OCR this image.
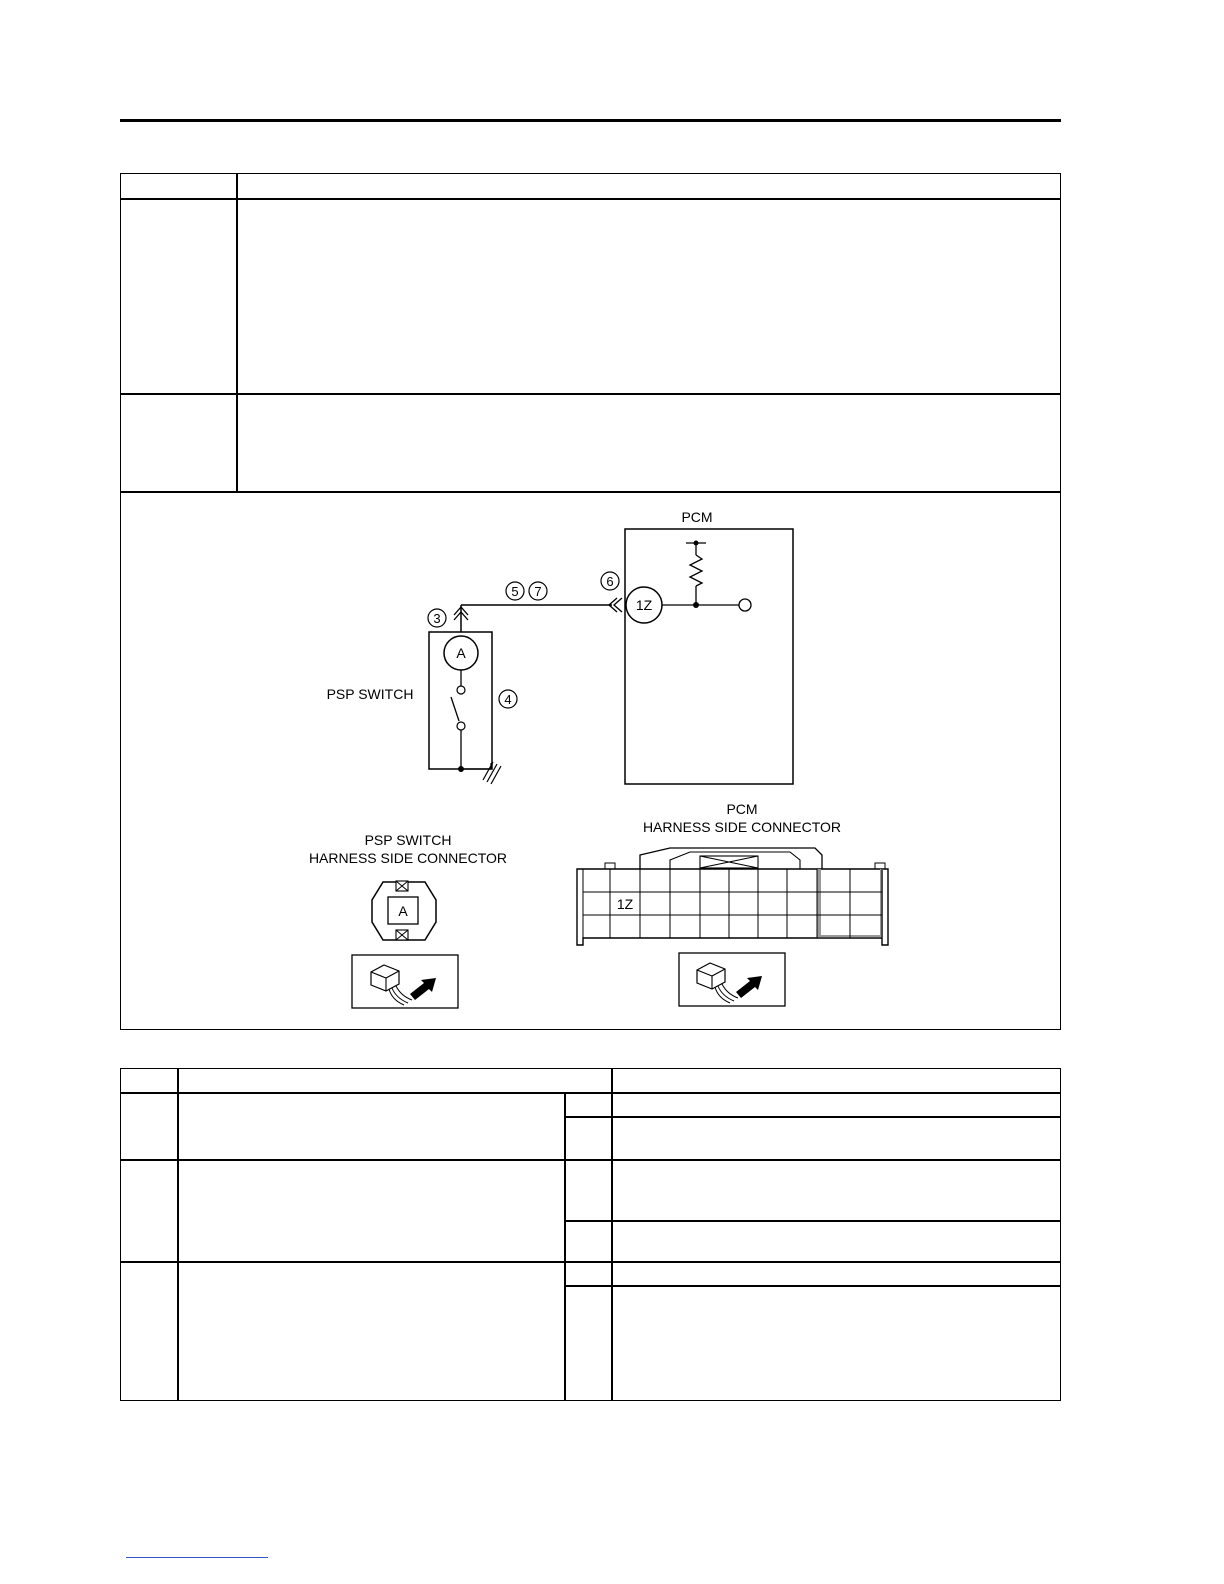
PCM
1Z
5 7
6
3
4
A
PSP SWITCH
PSP SWITCH
HARNESS SIDE CONNECTOR
A
PCM
HARNESS SIDE CONNECTOR
1Z
